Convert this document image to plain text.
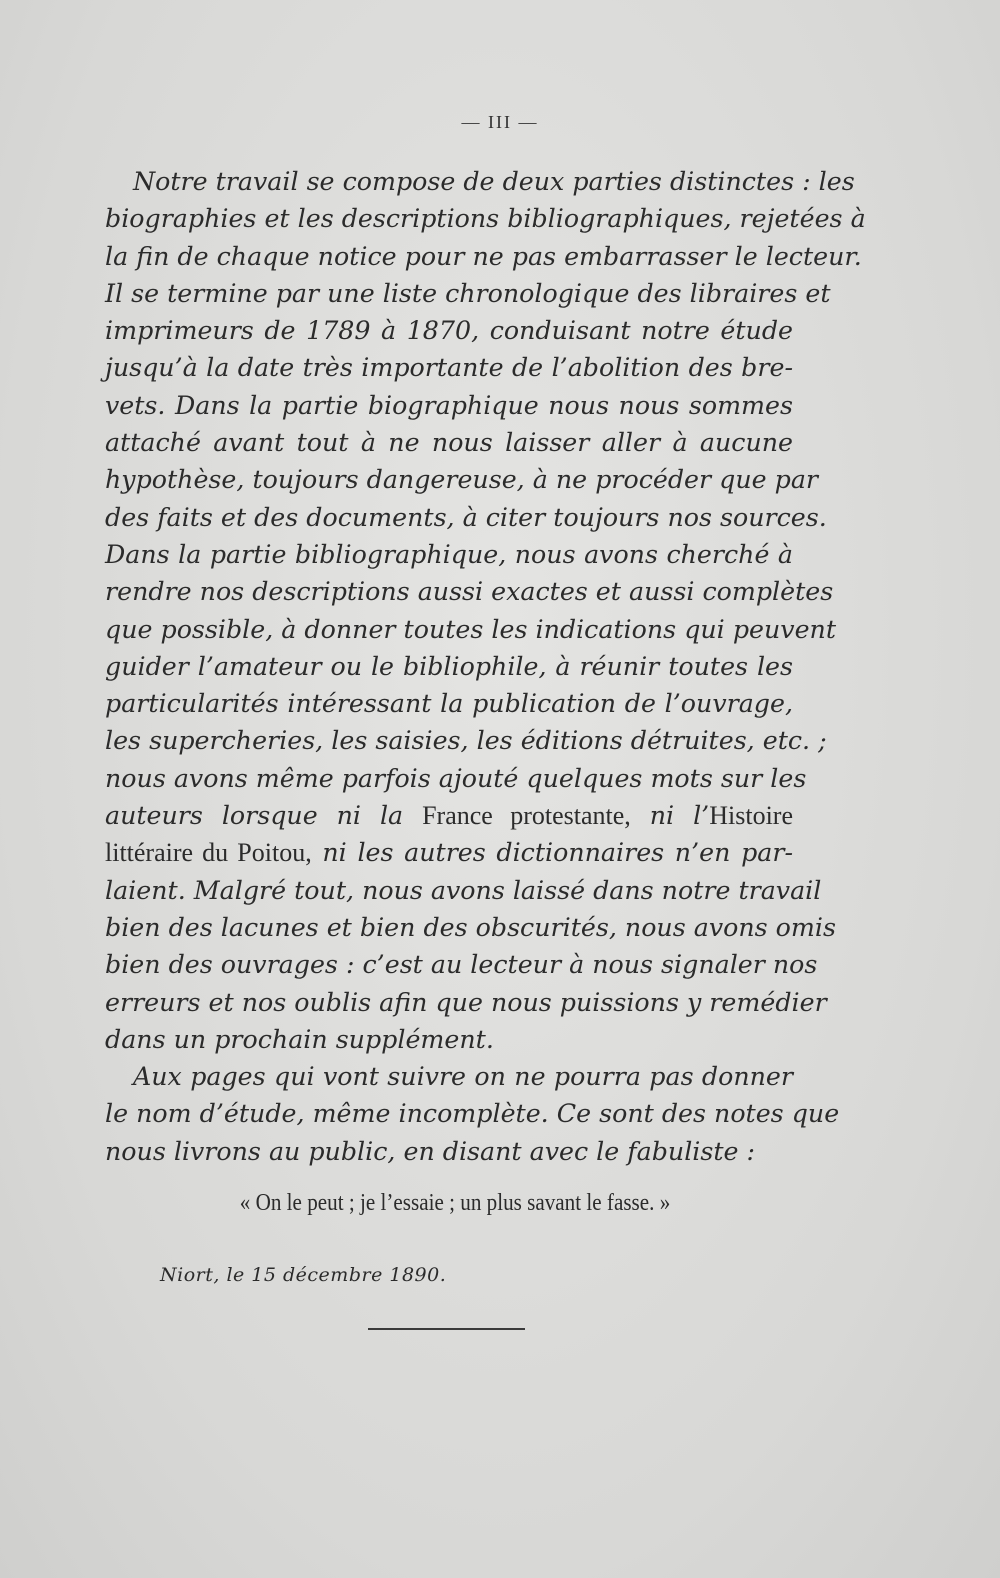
— III —
Notre travail se compose de deux parties distinctes : les
biographies et les descriptions bibliographiques, rejetées à
la fin de chaque notice pour ne pas embarrasser le lecteur.
Il se termine par une liste chronologique des libraires et
imprimeurs de 1789 à 1870, conduisant notre étude
jusqu’à la date très importante de l’abolition des bre-
vets. Dans la partie biographique nous nous sommes
attaché avant tout à ne nous laisser aller à aucune
hypothèse, toujours dangereuse, à ne procéder que par
des faits et des documents, à citer toujours nos sources.
Dans la partie bibliographique, nous avons cherché à
rendre nos descriptions aussi exactes et aussi complètes
que possible, à donner toutes les indications qui peuvent
guider l’amateur ou le bibliophile, à réunir toutes les
particularités intéressant la publication de l’ouvrage,
les supercheries, les saisies, les éditions détruites, etc. ;
nous avons même parfois ajouté quelques mots sur les
auteurs lorsque ni la France protestante, ni l’Histoire
littéraire du Poitou, ni les autres dictionnaires n’en par-
laient. Malgré tout, nous avons laissé dans notre travail
bien des lacunes et bien des obscurités, nous avons omis
bien des ouvrages : c’est au lecteur à nous signaler nos
erreurs et nos oublis afin que nous puissions y remédier
dans un prochain supplément.
Aux pages qui vont suivre on ne pourra pas donner
le nom d’étude, même incomplète. Ce sont des notes que
nous livrons au public, en disant avec le fabuliste :
« On le peut ; je l’essaie ; un plus savant le fasse. »
Niort, le 15 décembre 1890.
